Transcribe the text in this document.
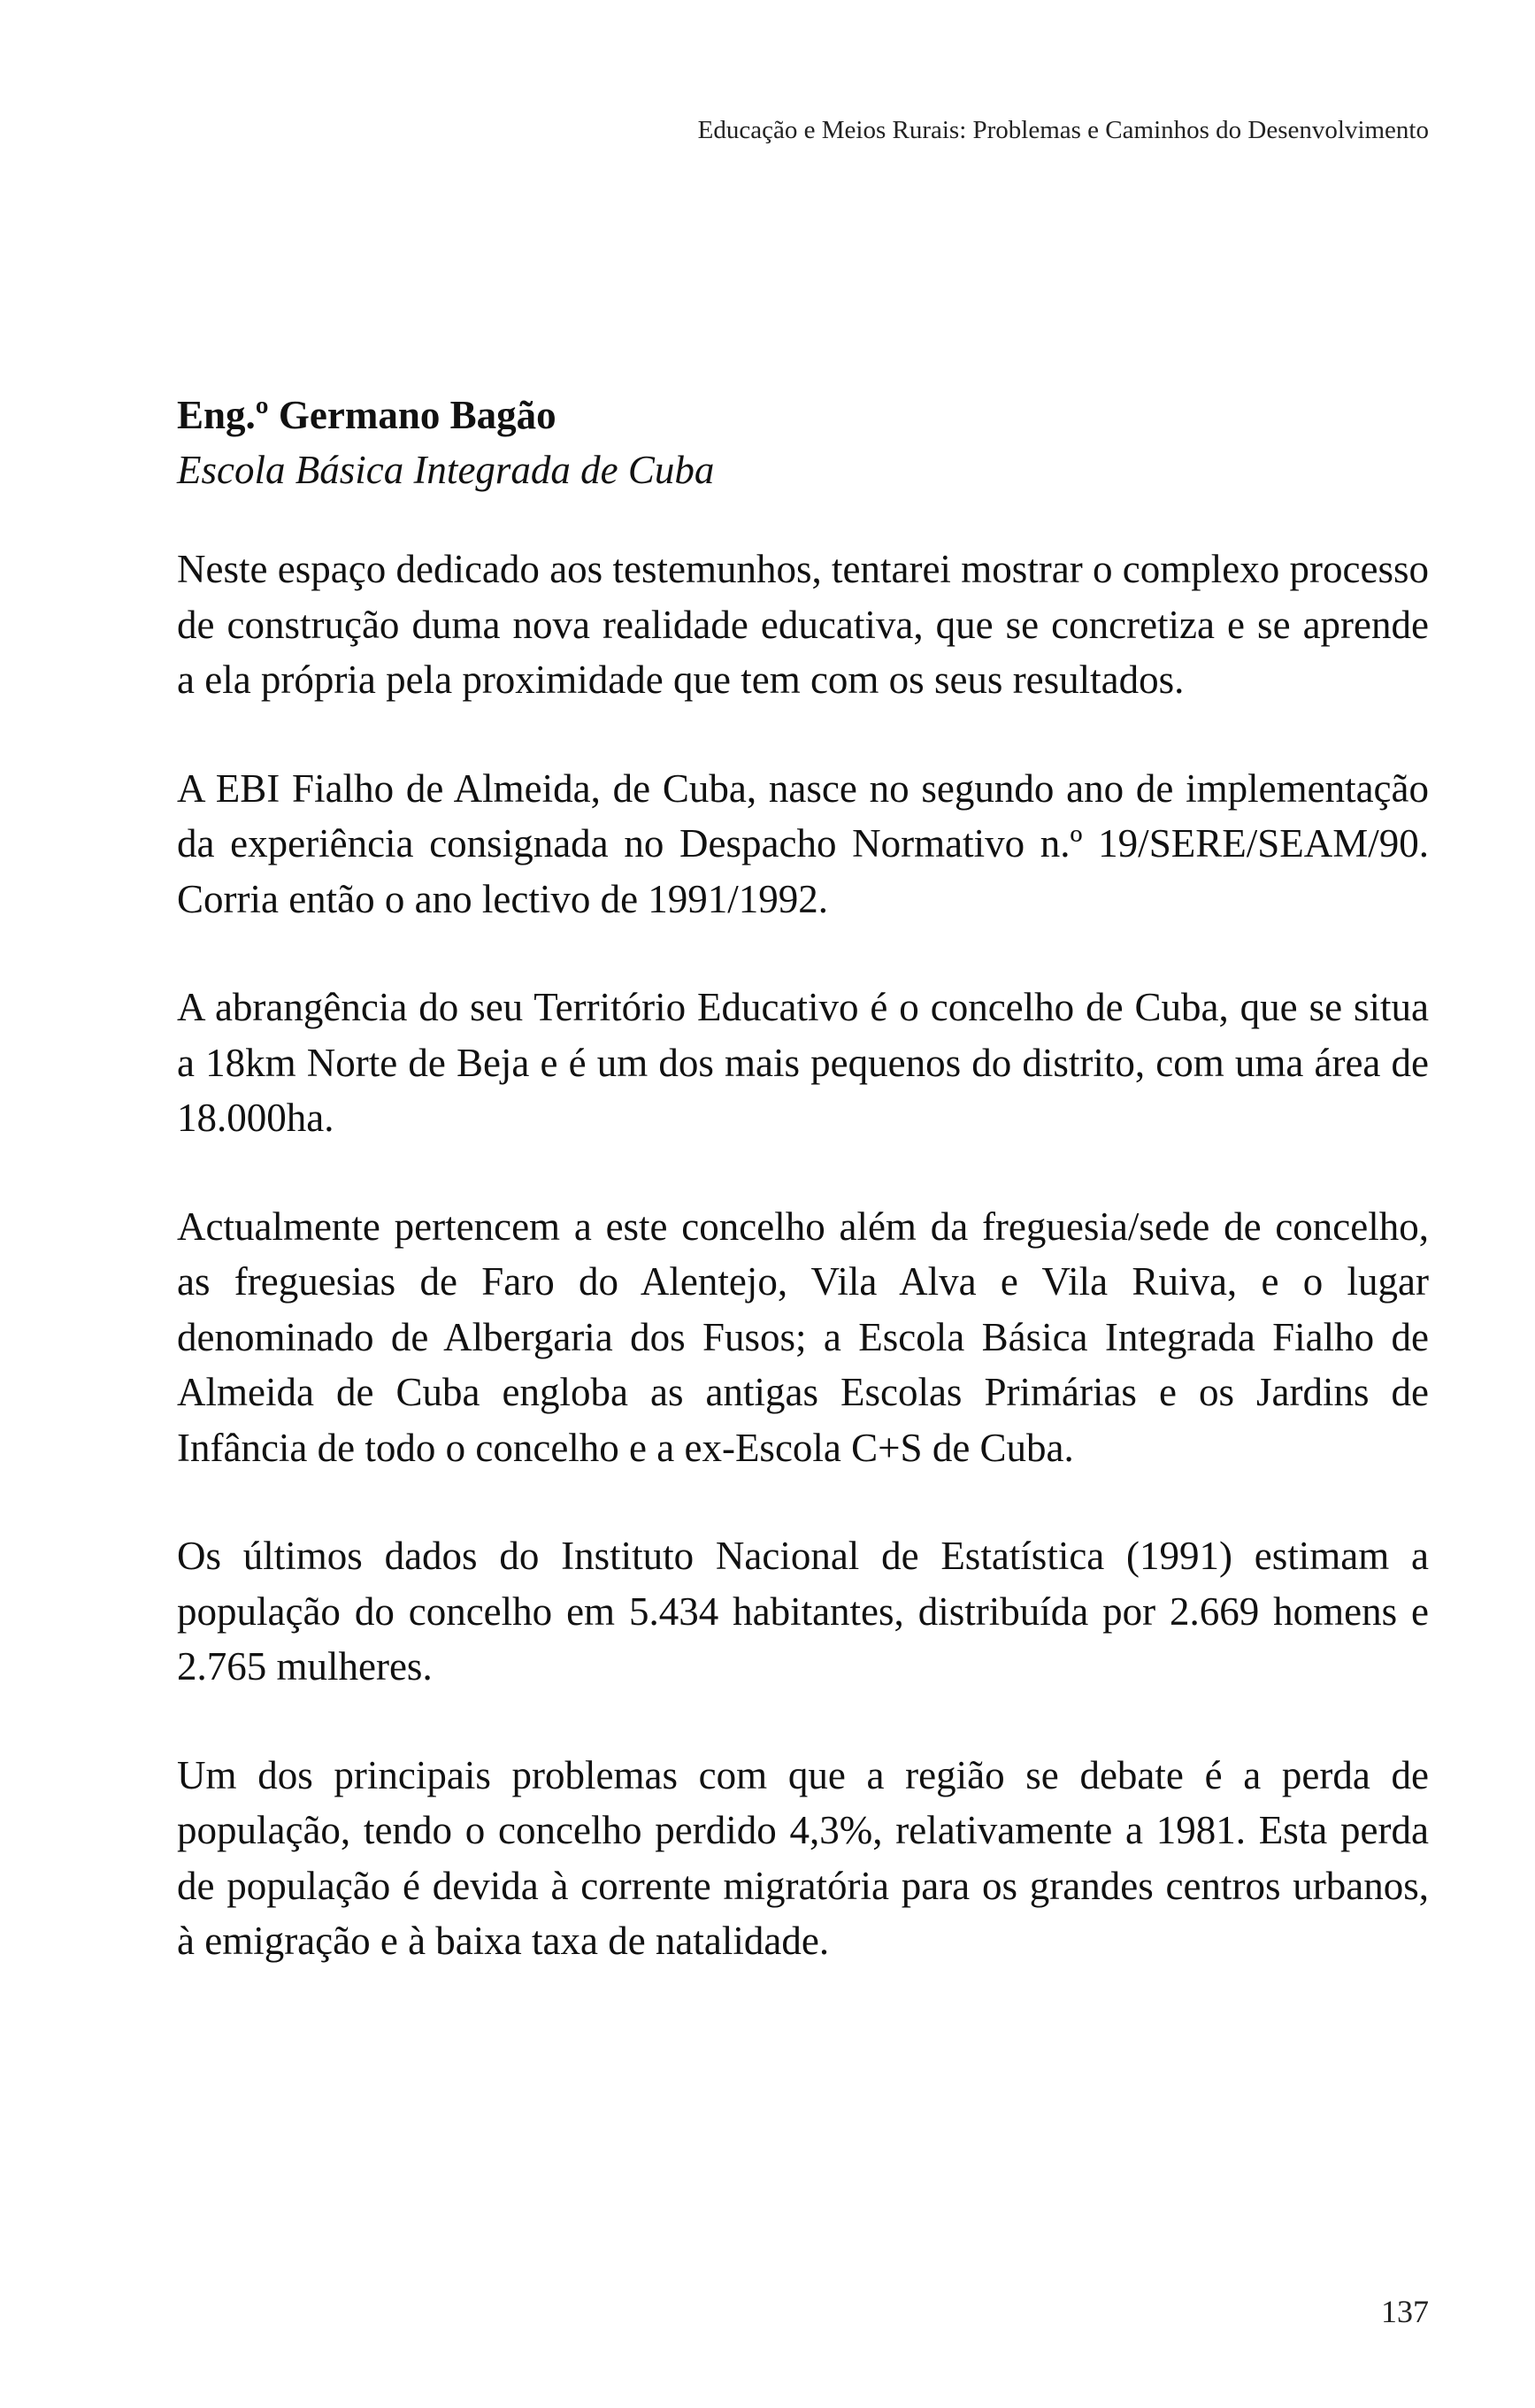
Educação e Meios Rurais: Problemas e Caminhos do Desenvolvimento

Eng.º Germano Bagão

Escola Básica Integrada de Cuba

Neste espaço dedicado aos testemunhos, tentarei mostrar o complexo processo de construção duma nova realidade educativa, que se concretiza e se aprende a ela própria pela proximidade que tem com os seus resultados.

A EBI Fialho de Almeida, de Cuba, nasce no segundo ano de implementação da experiência consignada no Despacho Normativo n.º 19/SERE/SEAM/90. Corria então o ano lectivo de 1991/1992.

A abrangência do seu Território Educativo é o concelho de Cuba, que se situa a 18km Norte de Beja e é um dos mais pequenos do distrito, com uma área de 18.000ha.

Actualmente pertencem a este concelho além da freguesia/sede de concelho, as freguesias de Faro do Alentejo, Vila Alva e Vila Ruiva, e o lugar denominado de Albergaria dos Fusos; a Escola Básica Integrada Fialho de Almeida de Cuba engloba as antigas Escolas Primárias e os Jardins de Infância de todo o concelho e a ex-Escola C+S de Cuba.

Os últimos dados do Instituto Nacional de Estatística (1991) estimam a população do concelho em 5.434 habitantes, distribuída por 2.669 homens e 2.765 mulheres.

Um dos principais problemas com que a região se debate é a perda de população, tendo o concelho perdido 4,3%, relativamente a 1981. Esta perda de população é devida à corrente migratória para os grandes centros urbanos, à emigração e à baixa taxa de natalidade.

137
